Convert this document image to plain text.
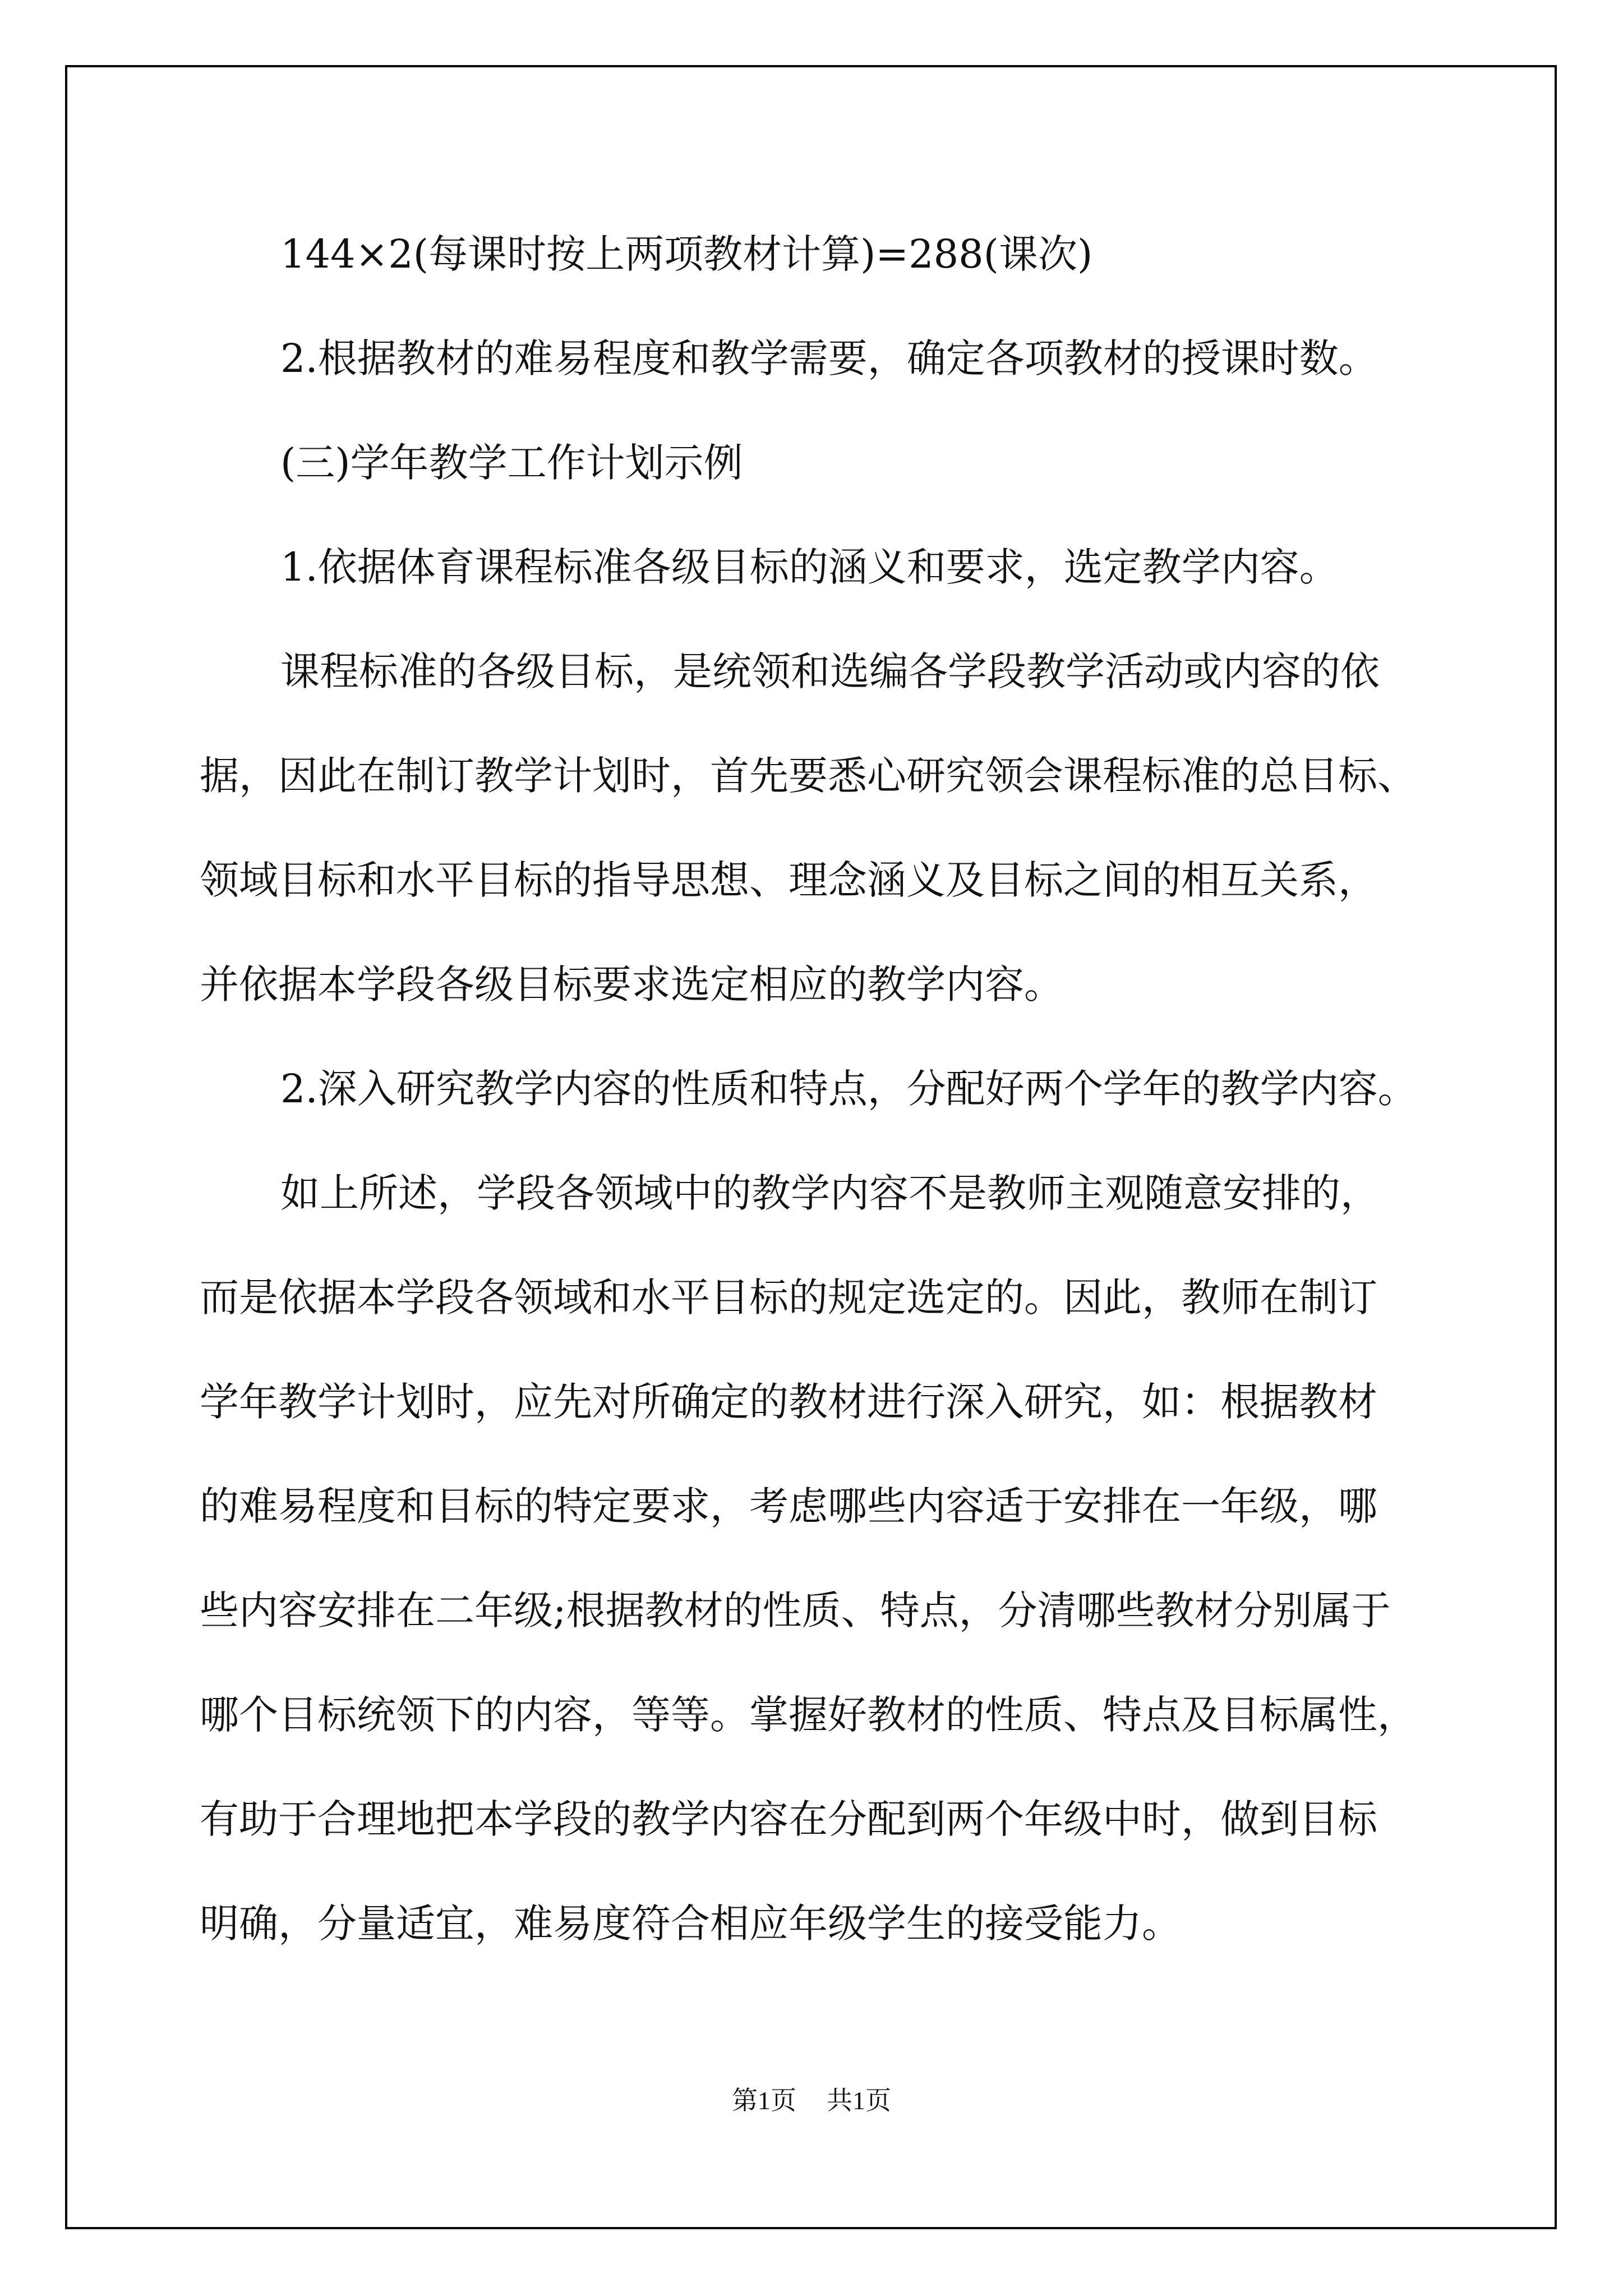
144×2(每课时按上两项教材计算)=288(课次)
2.根据教材的难易程度和教学需要，确定各项教材的授课时数。
(三)学年教学工作计划示例
1.依据体育课程标准各级目标的涵义和要求，选定教学内容。
课程标准的各级目标，是统领和选编各学段教学活动或内容的依
据，因此在制订教学计划时，首先要悉心研究领会课程标准的总目标、
领域目标和水平目标的指导思想、理念涵义及目标之间的相互关系，
并依据本学段各级目标要求选定相应的教学内容。
2.深入研究教学内容的性质和特点，分配好两个学年的教学内容。
如上所述，学段各领域中的教学内容不是教师主观随意安排的，
而是依据本学段各领域和水平目标的规定选定的。因此，教师在制订
学年教学计划时，应先对所确定的教材进行深入研究，如：根据教材
的难易程度和目标的特定要求，考虑哪些内容适于安排在一年级，哪
些内容安排在二年级;根据教材的性质、特点，分清哪些教材分别属于
哪个目标统领下的内容，等等。掌握好教材的性质、特点及目标属性，
有助于合理地把本学段的教学内容在分配到两个年级中时，做到目标
明确，分量适宜，难易度符合相应年级学生的接受能力。
第1页 共1页
